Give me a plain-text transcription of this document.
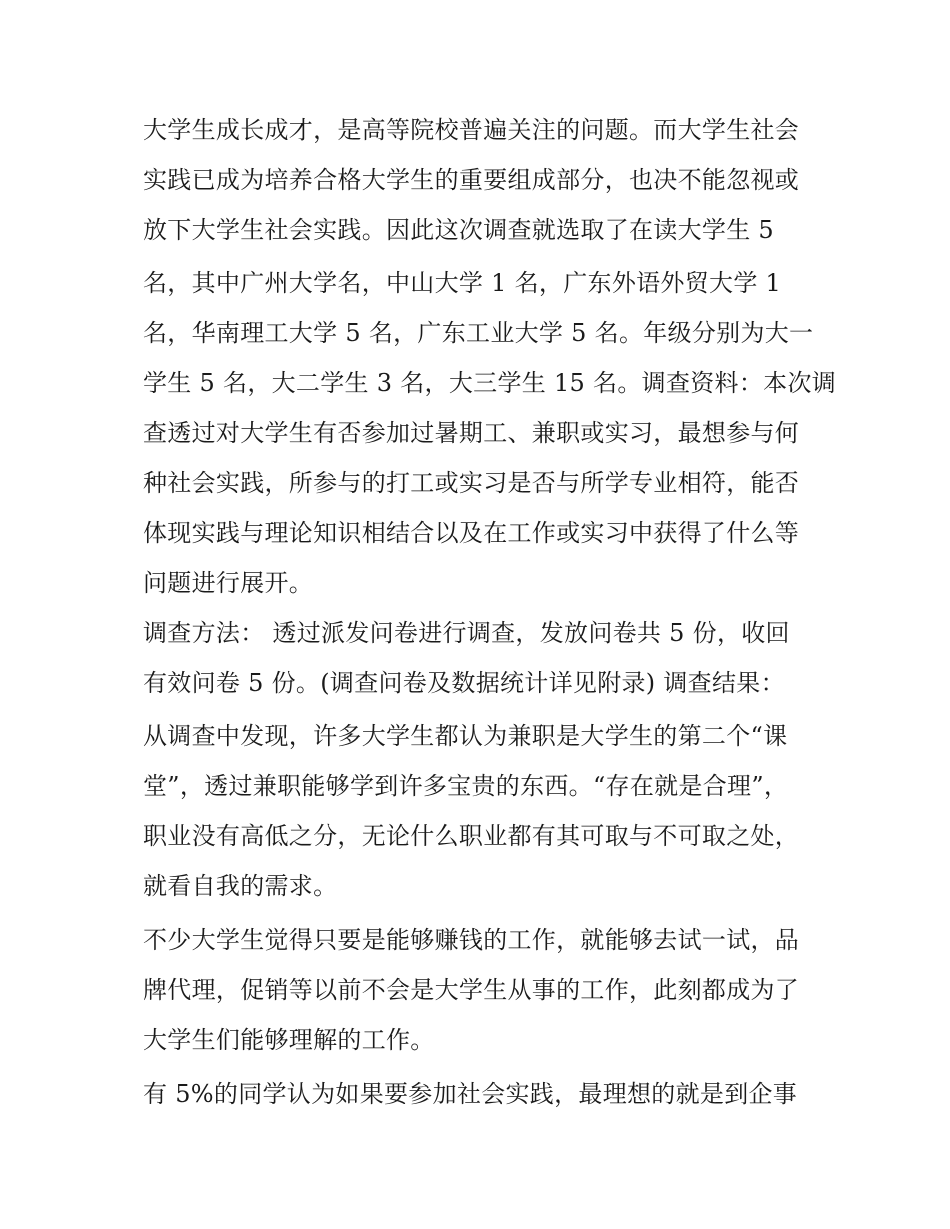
大学生成长成才，是高等院校普遍关注的问题。而大学生社会

实践已成为培养合格大学生的重要组成部分，也决不能忽视或

放下大学生社会实践。因此这次调查就选取了在读大学生 5

名，其中广州大学名，中山大学 1 名，广东外语外贸大学 1

名，华南理工大学 5 名，广东工业大学 5 名。年级分别为大一

学生 5 名，大二学生 3 名，大三学生 15 名。调查资料：本次调

查透过对大学生有否参加过暑期工、兼职或实习，最想参与何

种社会实践，所参与的打工或实习是否与所学专业相符，能否

体现实践与理论知识相结合以及在工作或实习中获得了什么等

问题进行展开。

调查方法： 透过派发问卷进行调查，发放问卷共 5 份，收回

有效问卷 5 份。(调查问卷及数据统计详见附录) 调查结果：

从调查中发现，许多大学生都认为兼职是大学生的第二个“课

堂”，透过兼职能够学到许多宝贵的东西。“存在就是合理”，

职业没有高低之分，无论什么职业都有其可取与不可取之处，

就看自我的需求。

不少大学生觉得只要是能够赚钱的工作，就能够去试一试，品

牌代理，促销等以前不会是大学生从事的工作，此刻都成为了

大学生们能够理解的工作。

有 5%的同学认为如果要参加社会实践，最理想的就是到企事
